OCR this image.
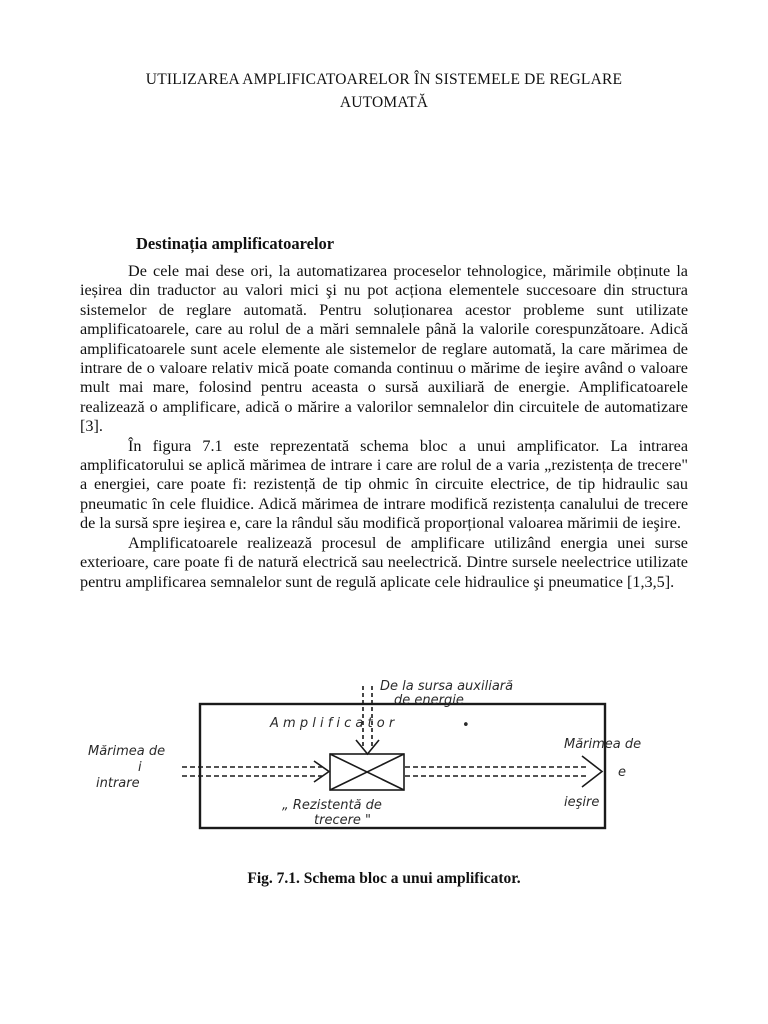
UTILIZAREA AMPLIFICATOARELOR ÎN SISTEMELE DE REGLARE
AUTOMATĂ
Destinația amplificatoarelor

De cele mai dese ori, la automatizarea proceselor tehnologice, mărimile obținute la ieșirea din traductor au valori mici şi nu pot acționa elementele succesoare din structura sistemelor de reglare automată. Pentru soluționarea acestor probleme sunt utilizate amplificatoarele, care au rolul de a mări semnalele până la valorile corespunzătoare. Adică amplificatoarele sunt acele elemente ale sistemelor de reglare automată, la care mărimea de intrare de o valoare relativ mică poate comanda continuu o mărime de ieşire având o valoare mult mai mare, folosind pentru aceasta o sursă auxiliară de energie. Amplificatoarele realizează o amplificare, adică o mărire a valorilor semnalelor din circuitele de automatizare [3].

În figura 7.1 este reprezentată schema bloc a unui amplificator. La intrarea amplificatorului se aplică mărimea de intrare i care are rolul de a varia „rezistența de trecere" a energiei, care poate fi: rezistență de tip ohmic în circuite electrice, de tip hidraulic sau pneumatic în cele fluidice. Adică mărimea de intrare modifică rezistența canalului de trecere de la sursă spre ieşirea e, care la rândul său modifică proporțional valoarea mărimii de ieşire.

Amplificatoarele realizează procesul de amplificare utilizând energia unei surse exterioare, care poate fi de natură electrică sau neelectrică. Dintre sursele neelectrice utilizate pentru amplificarea semnalelor sunt de regulă aplicate cele hidraulice şi pneumatice [1,3,5].

De la sursa auxiliară
de energie
A m p l i f i c a t o r	•
„ Rezistentă de
trecere "
Mărimea de
i
intrare
Mărimea de
e
ieşire
Fig. 7.1. Schema bloc a unui amplificator.
